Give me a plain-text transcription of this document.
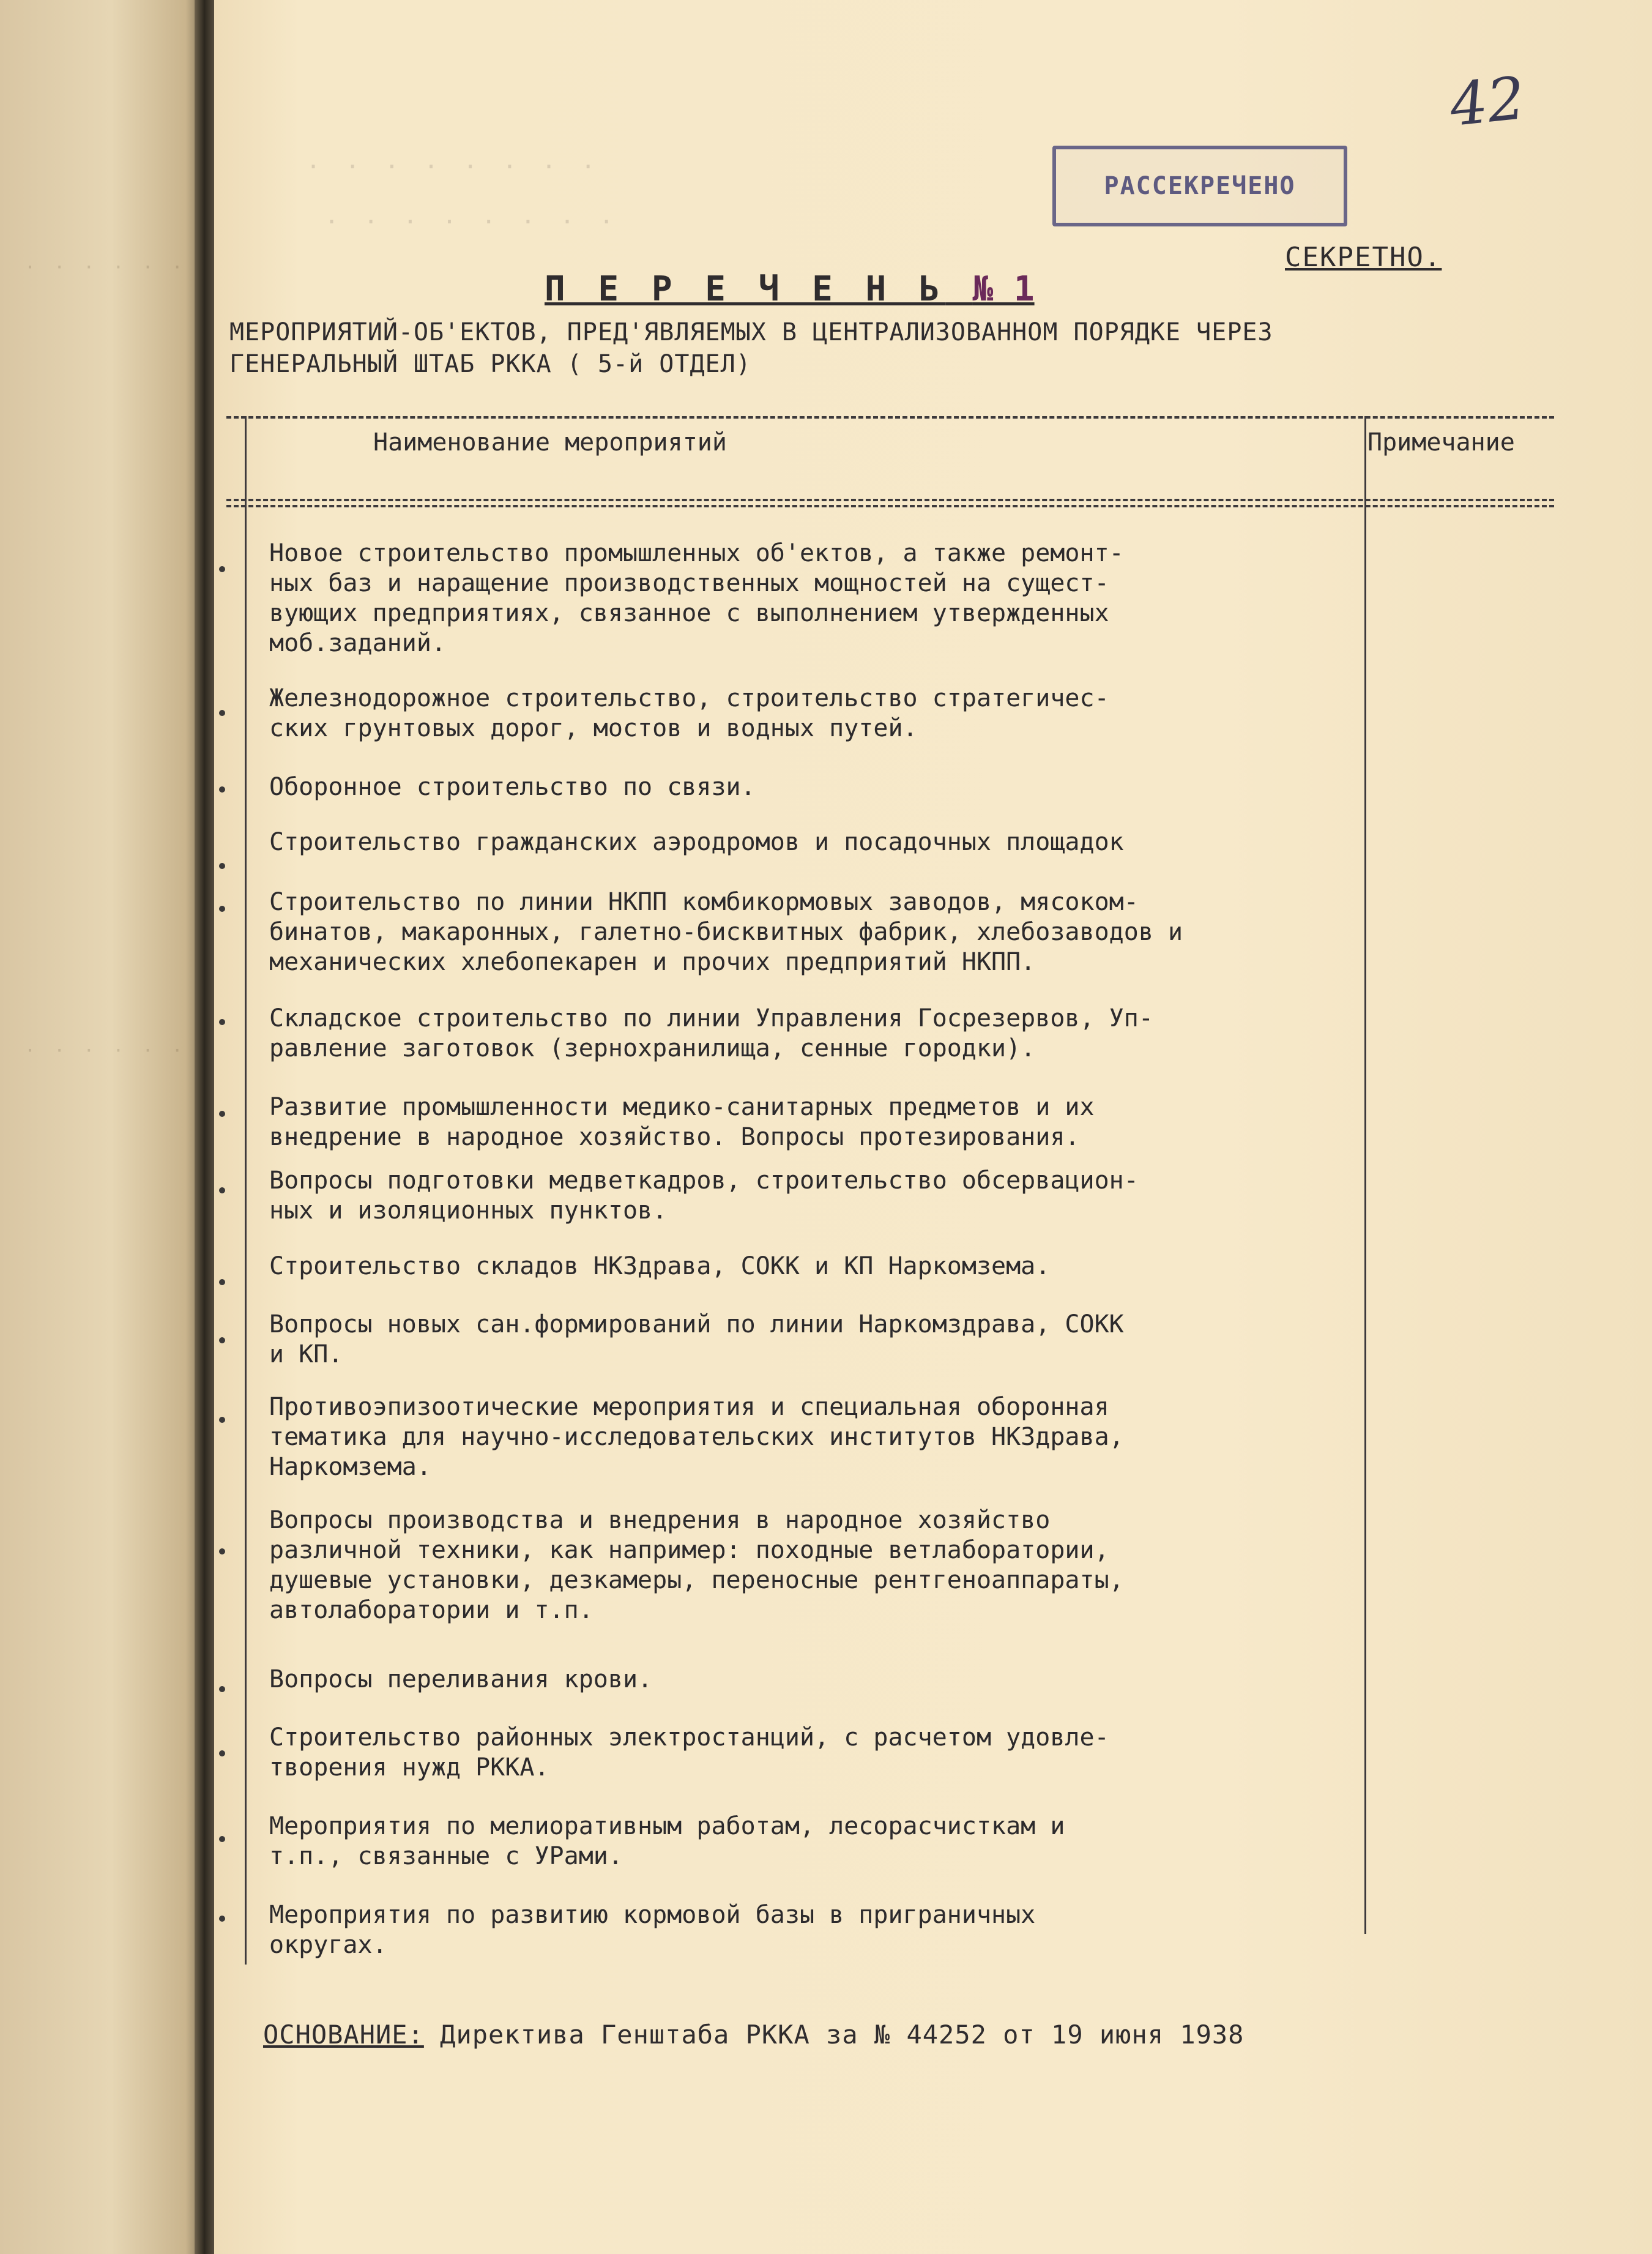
· · · · · ·
· · · · · ·
· · · · · · · ·
· · · · · · · ·
42
РАССЕКРЕЧЕНО
СЕКРЕТНО.
П Е Р Е Ч Е Н Ь № 1
МЕРОПРИЯТИЙ-ОБ'ЕКТОВ, ПРЕД'ЯВЛЯЕМЫХ В ЦЕНТРАЛИЗОВАННОМ ПОРЯДКЕ ЧЕРЕЗ
ГЕНЕРАЛЬНЫЙ ШТАБ РККА ( 5-й ОТДЕЛ)
Наименование мероприятий	Примечание
Новое строительство промышленных об'ектов, а также ремонт-
ных баз и наращение производственных мощностей на сущест-
вующих предприятиях, связанное с выполнением утвержденных
моб.заданий.
Железнодорожное строительство, строительство стратегичес-
ских грунтовых дорог, мостов и водных путей.
Оборонное строительство по связи.
Строительство гражданских аэродромов и посадочных площадок
Строительство по линии НКПП комбикормовых заводов, мясоком-
бинатов, макаронных, галетно-бисквитных фабрик, хлебозаводов и
механических хлебопекарен и прочих предприятий НКПП.
Складское строительство по линии Управления Госрезервов, Уп-
равление заготовок (зернохранилища, сенные городки).
Развитие промышленности медико-санитарных предметов и их
внедрение в народное хозяйство. Вопросы протезирования.
Вопросы подготовки медветкадров, строительство обсервацион-
ных и изоляционных пунктов.
Строительство складов НКЗдрава, СОКК и КП Наркомзема.
Вопросы новых сан.формирований по линии Наркомздрава, СОКК
и КП.
Противоэпизоотические мероприятия и специальная оборонная
тематика для научно-исследовательских институтов НКЗдрава,
Наркомзема.
Вопросы производства и внедрения в народное хозяйство
различной техники, как например: походные ветлаборатории,
душевые установки, дезкамеры, переносные рентгеноаппараты,
автолаборатории и т.п.
Вопросы переливания крови.
Строительство районных электростанций, с расчетом удовле-
творения нужд РККА.
Мероприятия по мелиоративным работам, лесорасчисткам и
т.п., связанные с УРами.
Мероприятия по развитию кормовой базы в приграничных
округах.
ОСНОВАНИЕ: Директива Генштаба РККА за № 44252 от 19 июня 1938
